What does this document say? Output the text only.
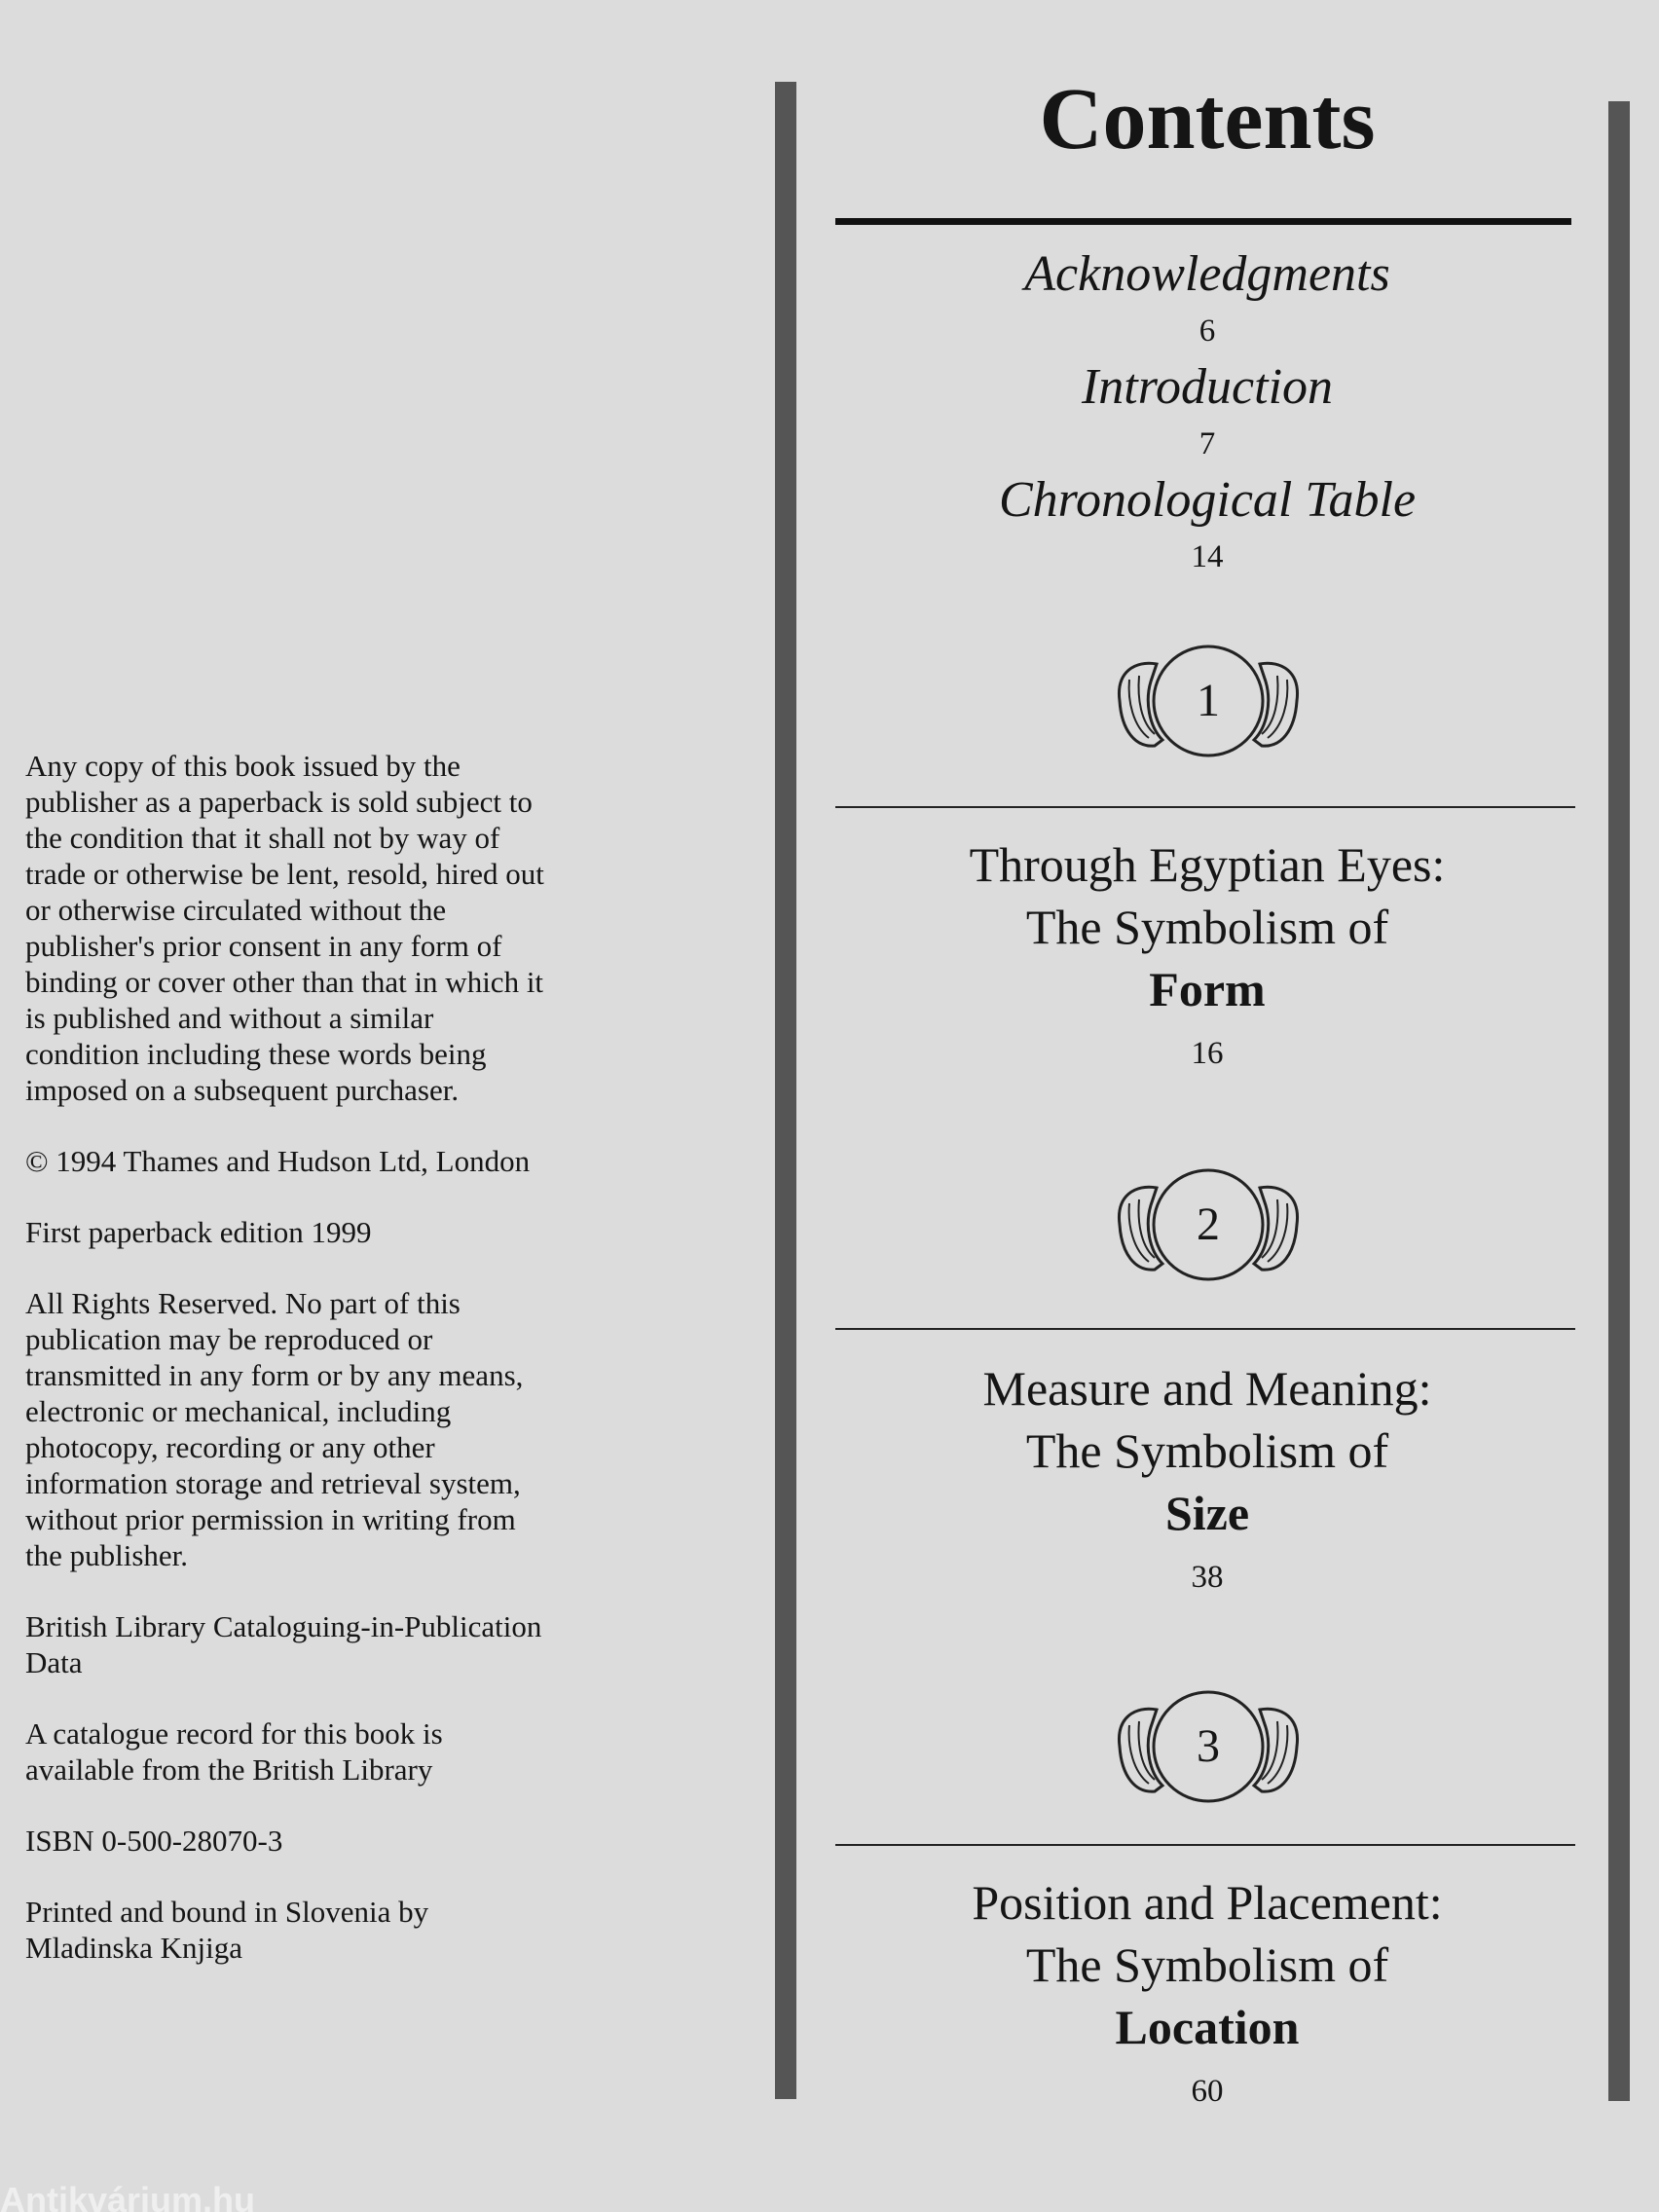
Any copy of this book issued by the publisher as a paperback is sold subject to the condition that it shall not by way of trade or otherwise be lent, resold, hired out or otherwise circulated without the publisher's prior consent in any form of binding or cover other than that in which it is published and without a similar condition including these words being imposed on a subsequent purchaser.

© 1994 Thames and Hudson Ltd, London

First paperback edition 1999

All Rights Reserved. No part of this publication may be reproduced or transmitted in any form or by any means, electronic or mechanical, including photocopy, recording or any other information storage and retrieval system, without prior permission in writing from the publisher.

British Library Cataloguing-in-Publication Data

A catalogue record for this book is available from the British Library

ISBN 0-500-28070-3

Printed and bound in Slovenia by Mladinska Knjiga

Contents

Acknowledgments

6

Introduction

7

Chronological Table

14

1

Through Egyptian Eyes:

The Symbolism of

Form

16

2

Measure and Meaning:

The Symbolism of

Size

38

3

Position and Placement:

The Symbolism of

Location

60

Antikvárium.hu
